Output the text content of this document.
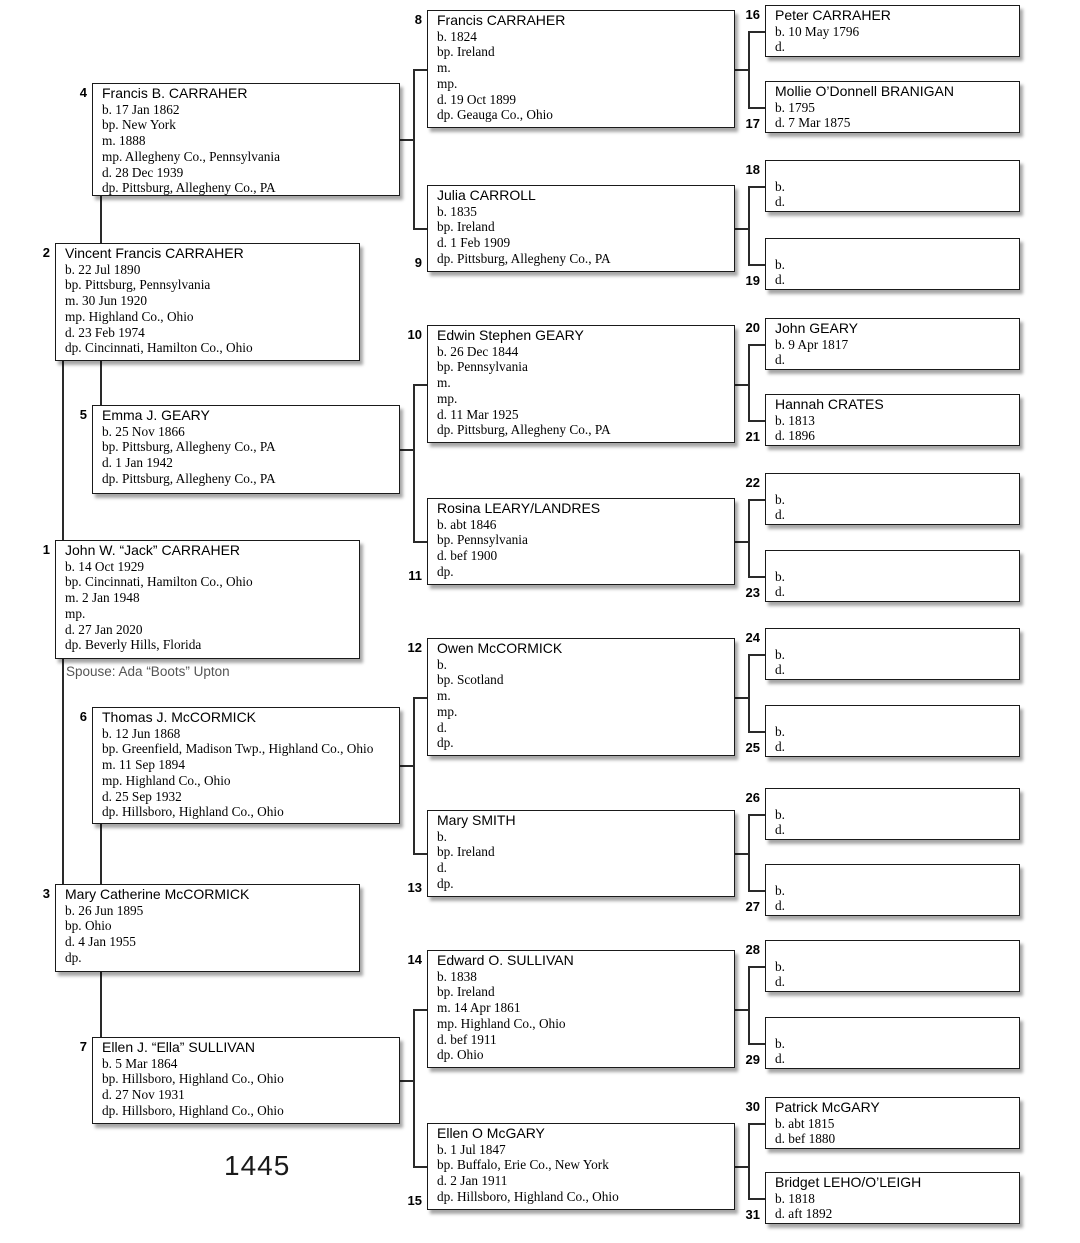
John W. “Jack” CARRAHER
b. 14 Oct 1929
bp. Cincinnati, Hamilton Co., Ohio
m. 2 Jan 1948
mp.
d. 27 Jan 2020
dp. Beverly Hills, Florida
1
Vincent Francis CARRAHER
b. 22 Jul 1890
bp. Pittsburg, Pennsylvania
m. 30 Jun 1920
mp. Highland Co., Ohio
d. 23 Feb 1974
dp. Cincinnati, Hamilton Co., Ohio
2
Mary Catherine McCORMICK
b. 26 Jun 1895
bp. Ohio
d. 4 Jan 1955
dp.
3
Francis B. CARRAHER
b. 17 Jan 1862
bp. New York
m. 1888
mp. Allegheny Co., Pennsylvania
d. 28 Dec 1939
dp. Pittsburg, Allegheny Co., PA
4
Emma J. GEARY
b. 25 Nov 1866
bp. Pittsburg, Allegheny Co., PA
d. 1 Jan 1942
dp. Pittsburg, Allegheny Co., PA
5
Thomas J. McCORMICK
b. 12 Jun 1868
bp. Greenfield, Madison Twp., Highland Co., Ohio
m. 11 Sep 1894
mp. Highland Co., Ohio
d. 25 Sep 1932
dp. Hillsboro, Highland Co., Ohio
6
Ellen J. “Ella” SULLIVAN
b. 5 Mar 1864
bp. Hillsboro, Highland Co., Ohio
d. 27 Nov 1931
dp. Hillsboro, Highland Co., Ohio
7
Francis CARRAHER
b. 1824
bp. Ireland
m.
mp.
d. 19 Oct 1899
dp. Geauga Co., Ohio
8
Julia CARROLL
b. 1835
bp. Ireland
d. 1 Feb 1909
dp. Pittsburg, Allegheny Co., PA
9
Edwin Stephen GEARY
b. 26 Dec 1844
bp. Pennsylvania
m.
mp.
d. 11 Mar 1925
dp. Pittsburg, Allegheny Co., PA
10
Rosina LEARY/LANDRES
b. abt 1846
bp. Pennsylvania
d. bef 1900
dp.
11
Owen McCORMICK
b.
bp. Scotland
m.
mp.
d.
dp.
12
Mary SMITH
b.
bp. Ireland
d.
dp.
13
Edward O. SULLIVAN
b. 1838
bp. Ireland
m. 14 Apr 1861
mp. Highland Co., Ohio
d. bef 1911
dp. Ohio
14
Ellen O McGARY
b. 1 Jul 1847
bp. Buffalo, Erie Co., New York
d. 2 Jan 1911
dp. Hillsboro, Highland Co., Ohio
15
Peter CARRAHER
b. 10 May 1796
d.
16
Mollie O’Donnell BRANIGAN
b. 1795
d. 7 Mar 1875
17
b.
d.
18
b.
d.
19
John GEARY
b. 9 Apr 1817
d.
20
Hannah CRATES
b. 1813
d. 1896
21
b.
d.
22
b.
d.
23
b.
d.
24
b.
d.
25
b.
d.
26
b.
d.
27
b.
d.
28
b.
d.
29
Patrick McGARY
b. abt 1815
d. bef 1880
30
Bridget LEHO/O’LEIGH
b. 1818
d. aft 1892
31
Spouse: Ada “Boots” Upton
1445
